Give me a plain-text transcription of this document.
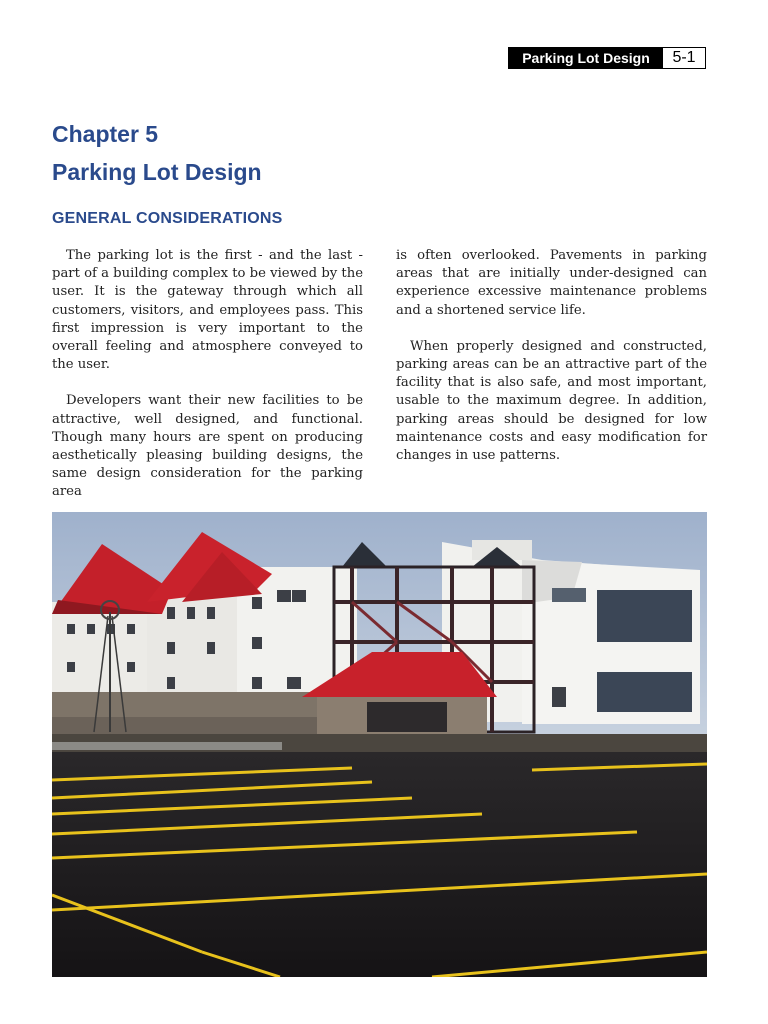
Parking Lot Design	5-1
Chapter 5
Parking Lot Design
GENERAL CONSIDERATIONS

The parking lot is the first - and the last - part of a building complex to be viewed by the user. It is the gateway through which all customers, visitors, and employees pass. This first impression is very important to the overall feeling and atmosphere conveyed to the user.

Developers want their new facilities to be attractive, well designed, and functional. Though many hours are spent on producing aesthetically pleasing building designs, the same design consideration for the parking area

is often overlooked. Pavements in parking areas that are initially under-designed can experience excessive maintenance problems and a shortened service life.

When properly designed and constructed, parking areas can be an attractive part of the facility that is also safe, and most important, usable to the maximum degree. In addition, parking areas should be designed for low maintenance costs and easy modification for changes in use patterns.
